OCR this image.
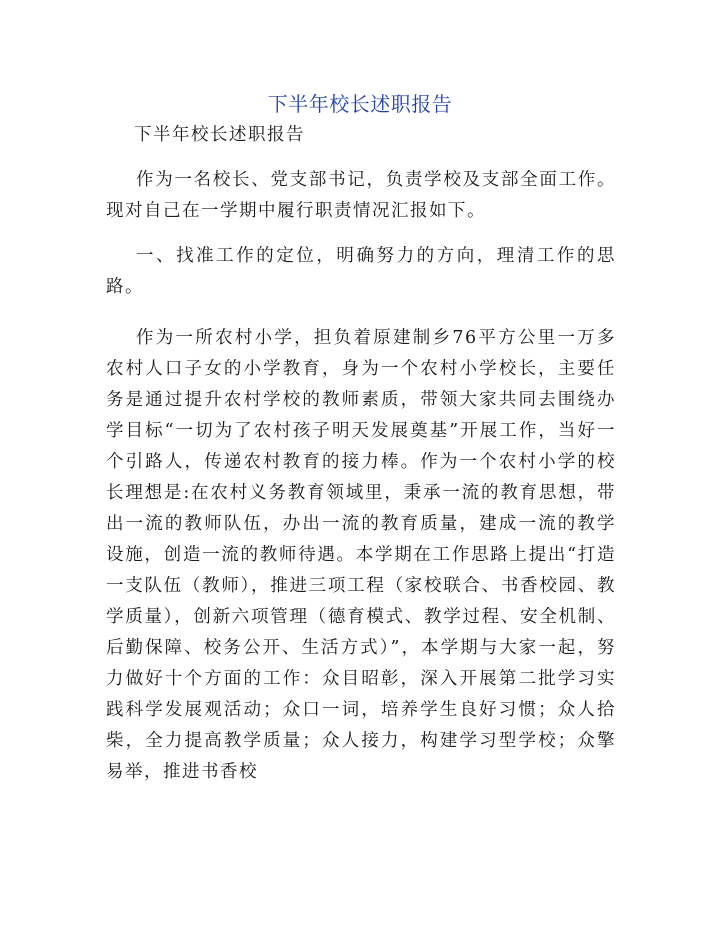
下半年校长述职报告

下半年校长述职报告

作为一名校长、党支部书记，负责学校及支部全面工作。现对自己在一学期中履行职责情况汇报如下。

一、找准工作的定位，明确努力的方向，理清工作的思路。

作为一所农村小学，担负着原建制乡76平方公里一万多农村人口子女的小学教育，身为一个农村小学校长，主要任务是通过提升农村学校的教师素质，带领大家共同去围绕办学目标“一切为了农村孩子明天发展奠基”开展工作，当好一个引路人，传递农村教育的接力棒。作为一个农村小学的校长理想是:在农村义务教育领域里，秉承一流的教育思想，带出一流的教师队伍，办出一流的教育质量，建成一流的教学设施，创造一流的教师待遇。本学期在工作思路上提出“打造一支队伍（教师），推进三项工程（家校联合、书香校园、教学质量），创新六项管理（德育模式、教学过程、安全机制、后勤保障、校务公开、生活方式）”，本学期与大家一起，努力做好十个方面的工作：众目昭彰，深入开展第二批学习实践科学发展观活动；众口一词，培养学生良好习惯；众人拾柴，全力提高教学质量；众人接力，构建学习型学校；众擎易举，推进书香校
